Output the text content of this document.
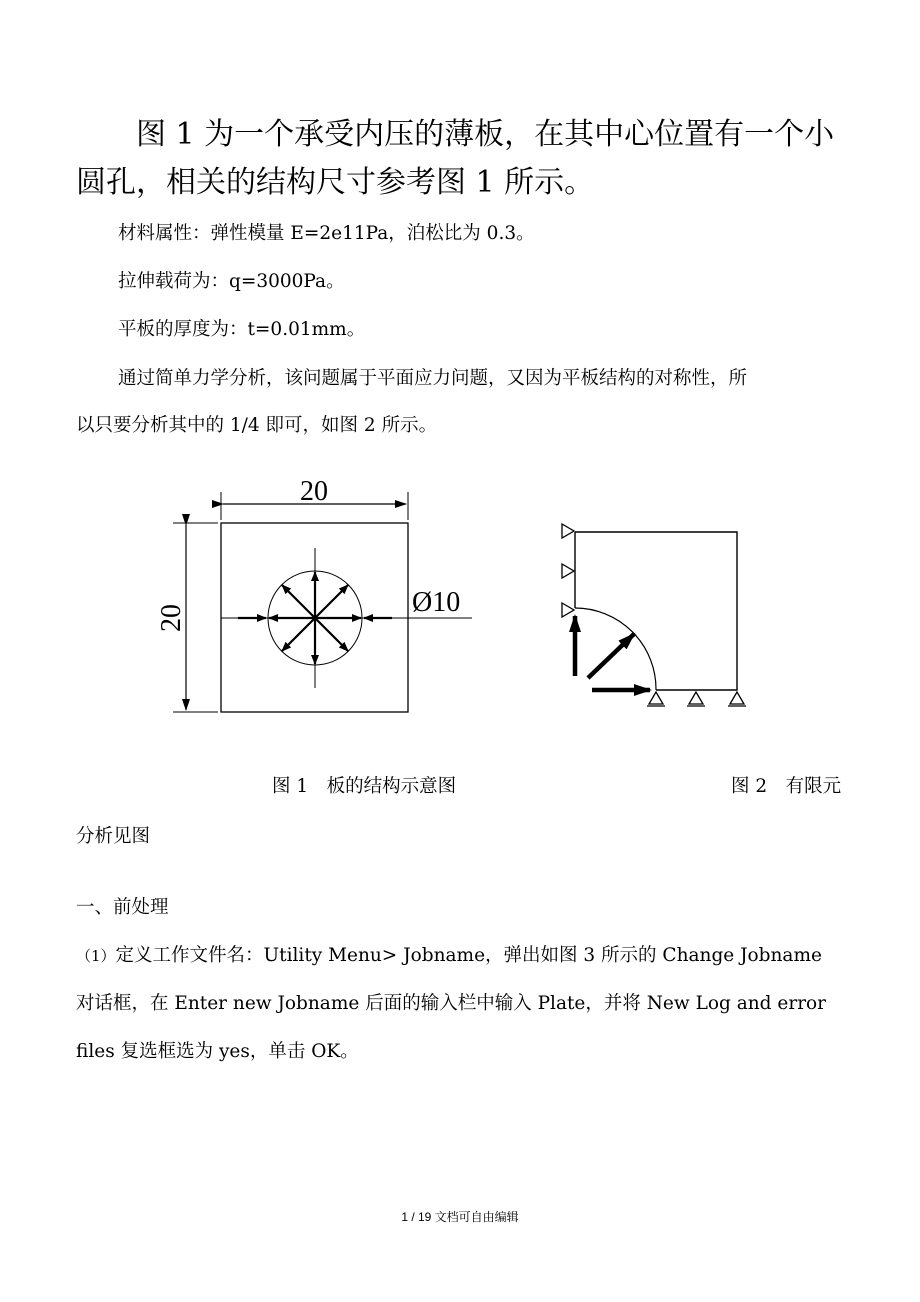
图 1 为一个承受内压的薄板，在其中心位置有一个小

圆孔，相关的结构尺寸参考图 1 所示。

材料属性：弹性模量 E=2e11Pa，泊松比为 0.3。

拉伸载荷为：q=3000Pa。

平板的厚度为：t=0.01mm。

通过简单力学分析，该问题属于平面应力问题，又因为平板结构的对称性，所

以只要分析其中的 1/4 即可，如图 2 所示。

20
20	Ø10

图 1　板的结构示意图	图 2　有限元

分析见图

一、前处理

（1）定义工作文件名：Utility Menu> Jobname，弹出如图 3 所示的 Change Jobname

对话框，在 Enter new Jobname 后面的输入栏中输入 Plate，并将 New Log and error

files 复选框选为 yes，单击 OK。

1 / 19 文档可自由编辑
